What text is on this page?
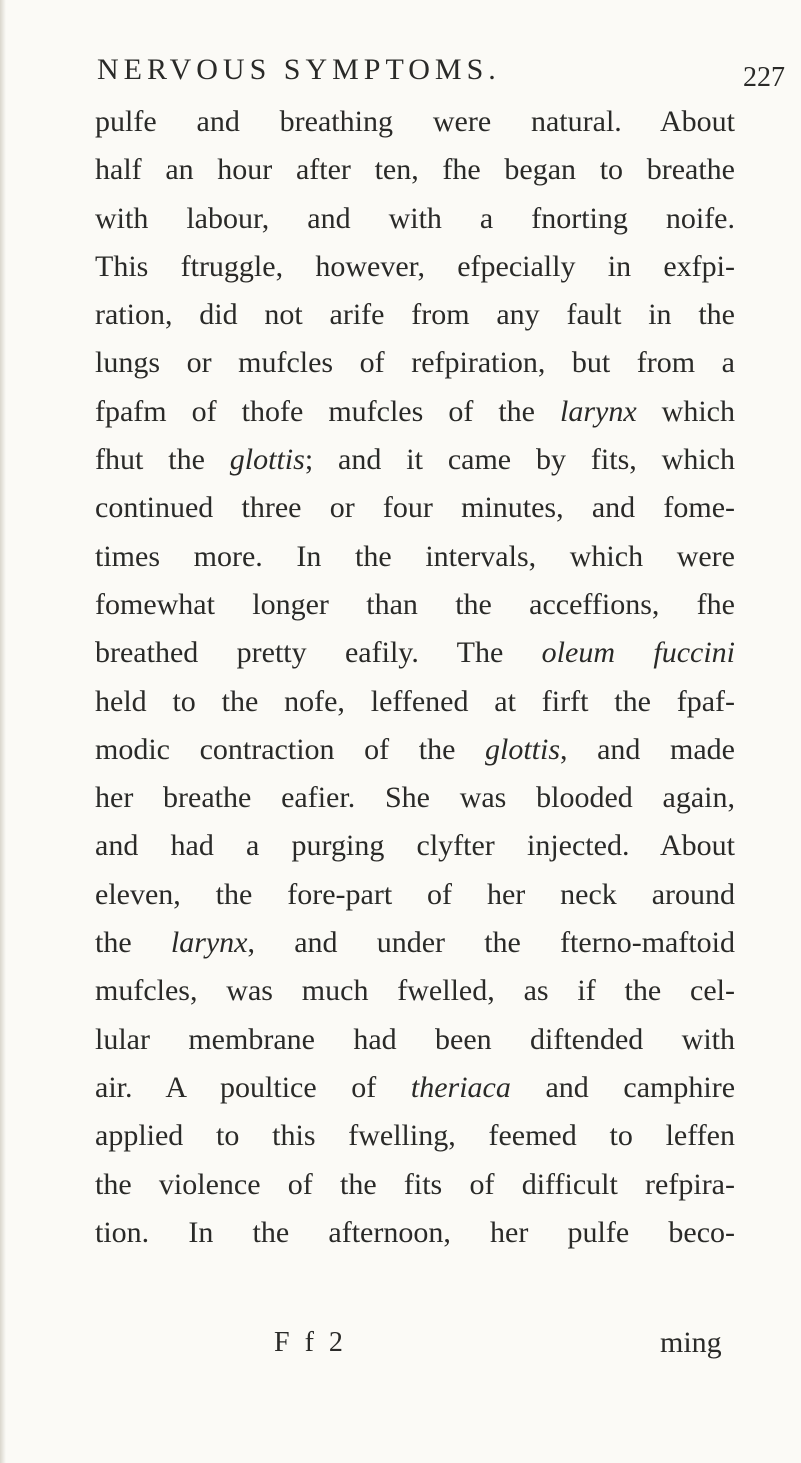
NERVOUS SYMPTOMS.	227
pulfe and breathing were natural. About
half an hour after ten, fhe began to breathe
with labour, and with a fnorting noife.
This ftruggle, however, efpecially in exfpi-
ration, did not arife from any fault in the
lungs or mufcles of refpiration, but from a
fpafm of thofe mufcles of the larynx which
fhut the glottis; and it came by fits, which
continued three or four minutes, and fome-
times more. In the intervals, which were
fomewhat longer than the acceffions, fhe
breathed pretty eafily. The oleum fuccini
held to the nofe, leffened at firft the fpaf-
modic contraction of the glottis, and made
her breathe eafier. She was blooded again,
and had a purging clyfter injected. About
eleven, the fore-part of her neck around
the larynx, and under the fterno-maftoid
mufcles, was much fwelled, as if the cel-
lular membrane had been diftended with
air. A poultice of theriaca and camphire
applied to this fwelling, feemed to leffen
the violence of the fits of difficult refpira-
tion. In the afternoon, her pulfe beco-
F f 2	ming
